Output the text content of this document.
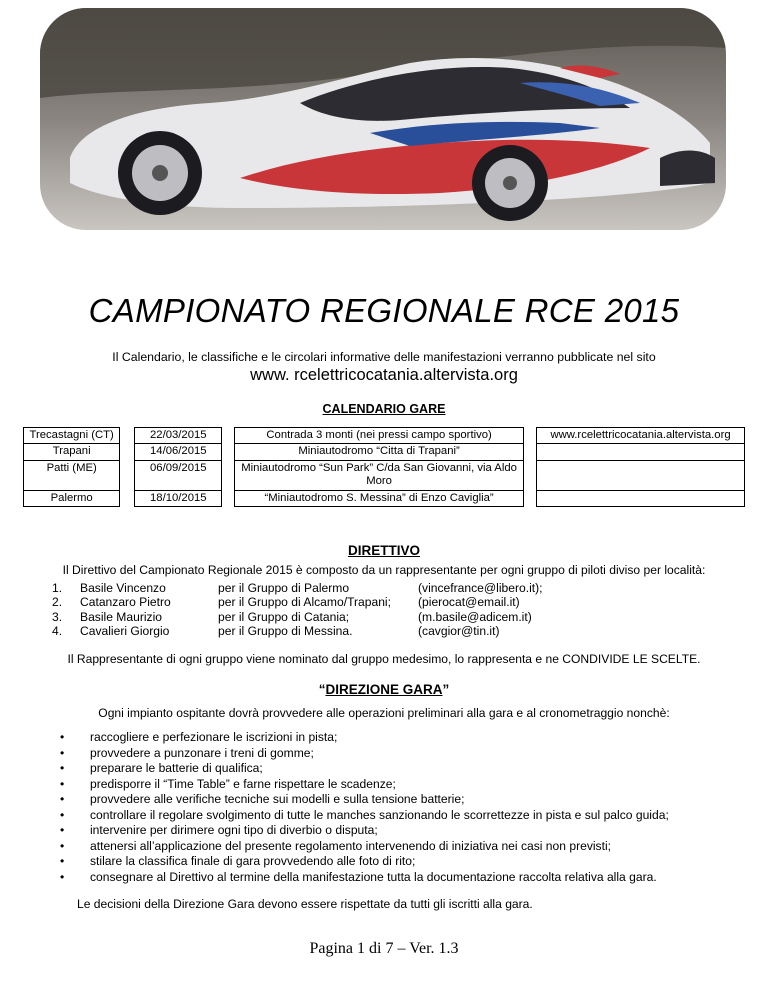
CAMPIONATO REGIONALE RCE 2015
Il Calendario, le classifiche e le circolari informative delle manifestazioni verranno pubblicate nel sito
www. rcelettricocatania.altervista.org
CALENDARIO GARE
Trecastagni (CT)		22/03/2015		Contrada 3 monti (nei pressi campo sportivo)		www.rcelettricocatania.altervista.org
Trapani		14/06/2015		Miniautodromo “Citta di Trapani”		
Patti (ME)		06/09/2015		Miniautodromo “Sun Park” C/da San Giovanni, via Aldo Moro		
Palermo		18/10/2015		“Miniautodromo S. Messina” di Enzo Caviglia”		
DIRETTIVO
Il Direttivo del Campionato Regionale 2015 è composto da un rappresentante per ogni gruppo di piloti diviso per località:
1. Basile Vincenzo	per il Gruppo di Palermo	(vincefrance@libero.it);
2. Catanzaro Pietro	per il Gruppo di Alcamo/Trapani; (pierocat@email.it)
3. Basile Maurizio	per il Gruppo di Catania;	(m.basile@adicem.it)
4. Cavalieri Giorgio	per il Gruppo di Messina.	(cavgior@tin.it)
Il Rappresentante di ogni gruppo viene nominato dal gruppo medesimo, lo rappresenta e ne CONDIVIDE LE SCELTE.
“DIREZIONE GARA”
Ogni impianto ospitante dovrà provvedere alle operazioni preliminari alla gara e al cronometraggio nonchè:
• raccogliere e perfezionare le iscrizioni in pista;
• provvedere a punzonare i treni di gomme;
• preparare le batterie di qualifica;
• predisporre il “Time Table” e farne rispettare le scadenze;
• provvedere alle verifiche tecniche sui modelli e sulla tensione batterie;
• controllare il regolare svolgimento di tutte le manches sanzionando le scorrettezze in pista e sul palco guida;
• intervenire per dirimere ogni tipo di diverbio o disputa;
• attenersi all’applicazione del presente regolamento intervenendo di iniziativa nei casi non previsti;
• stilare la classifica finale di gara provvedendo alle foto di rito;
• consegnare al Direttivo al termine della manifestazione tutta la documentazione raccolta relativa alla gara.
Le decisioni della Direzione Gara devono essere rispettate da tutti gli iscritti alla gara.
Pagina 1 di 7 – Ver. 1.3
